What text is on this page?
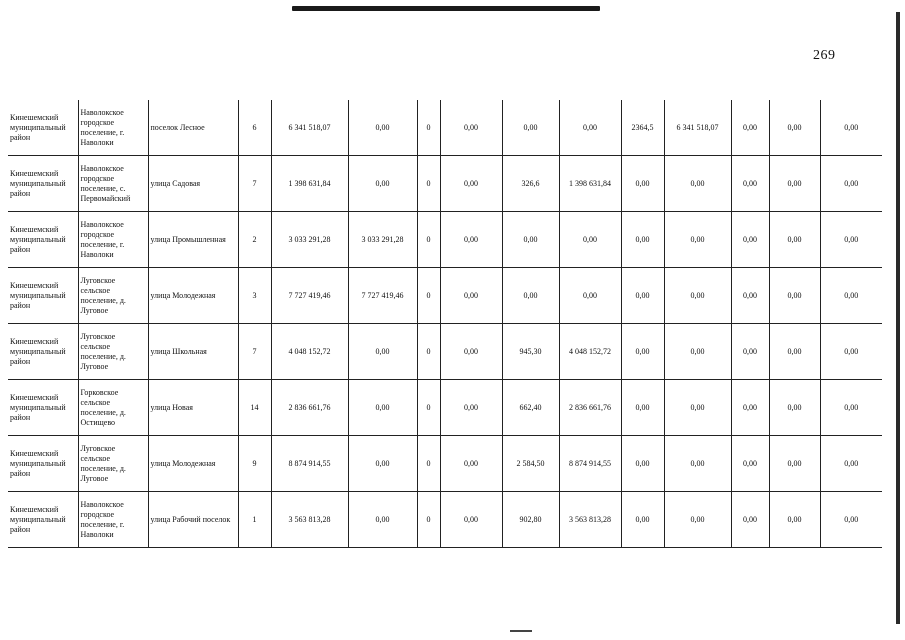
269
Кинешемский муниципальный район	Наволокское городское поселение, г. Наволоки	поселок Лесное	6	6 341 518,07	0,00	0	0,00	0,00	0,00	2364,5	6 341 518,07	0,00	0,00	0,00
Кинешемский муниципальный район	Наволокское городское поселение, с. Первомайский	улица Садовая	7	1 398 631,84	0,00	0	0,00	326,6	1 398 631,84	0,00	0,00	0,00	0,00	0,00
Кинешемский муниципальный район	Наволокское городское поселение, г. Наволоки	улица Промышленная	2	3 033 291,28	3 033 291,28	0	0,00	0,00	0,00	0,00	0,00	0,00	0,00	0,00
Кинешемский муниципальный район	Луговское сельское поселение, д. Луговое	улица Молодежная	3	7 727 419,46	7 727 419,46	0	0,00	0,00	0,00	0,00	0,00	0,00	0,00	0,00
Кинешемский муниципальный район	Луговское сельское поселение, д. Луговое	улица Школьная	7	4 048 152,72	0,00	0	0,00	945,30	4 048 152,72	0,00	0,00	0,00	0,00	0,00
Кинешемский муниципальный район	Горковское сельское поселение, д. Остищево	улица Новая	14	2 836 661,76	0,00	0	0,00	662,40	2 836 661,76	0,00	0,00	0,00	0,00	0,00
Кинешемский муниципальный район	Луговское сельское поселение, д. Луговое	улица Молодежная	9	8 874 914,55	0,00	0	0,00	2 584,50	8 874 914,55	0,00	0,00	0,00	0,00	0,00
Кинешемский муниципальный район	Наволокское городское поселение, г. Наволоки	улица Рабочий поселок	1	3 563 813,28	0,00	0	0,00	902,80	3 563 813,28	0,00	0,00	0,00	0,00	0,00
